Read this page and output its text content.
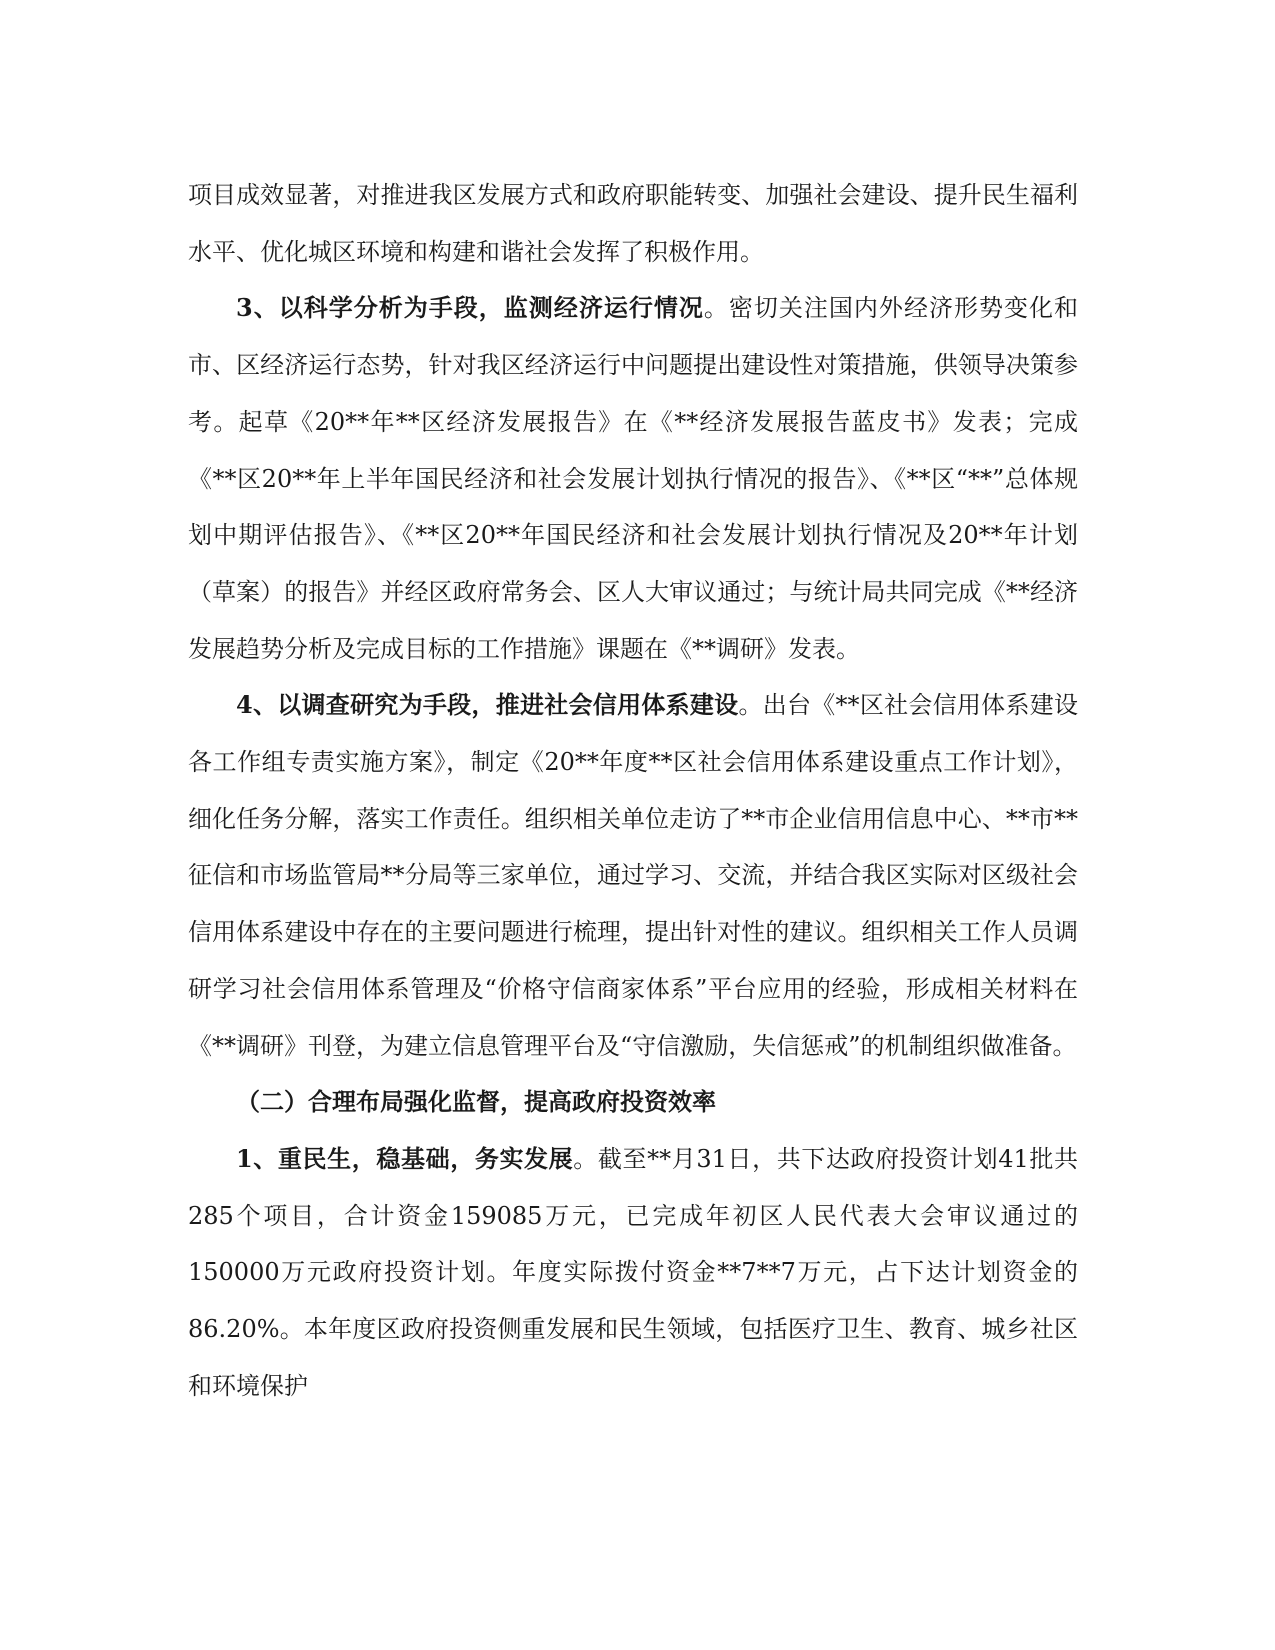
项目成效显著，对推进我区发展方式和政府职能转变、加强社会建设、提升民生福利水平、优化城区环境和构建和谐社会发挥了积极作用。

3、以科学分析为手段，监测经济运行情况。密切关注国内外经济形势变化和市、区经济运行态势，针对我区经济运行中问题提出建设性对策措施，供领导决策参考。起草《20**年**区经济发展报告》在《**经济发展报告蓝皮书》发表；完成《**区20**年上半年国民经济和社会发展计划执行情况的报告》、《**区“**”总体规划中期评估报告》、《**区20**年国民经济和社会发展计划执行情况及20**年计划（草案）的报告》并经区政府常务会、区人大审议通过；与统计局共同完成《**经济发展趋势分析及完成目标的工作措施》课题在《**调研》发表。

4、以调查研究为手段，推进社会信用体系建设。出台《**区社会信用体系建设各工作组专责实施方案》，制定《20**年度**区社会信用体系建设重点工作计划》，细化任务分解，落实工作责任。组织相关单位走访了**市企业信用信息中心、**市**征信和市场监管局**分局等三家单位，通过学习、交流，并结合我区实际对区级社会信用体系建设中存在的主要问题进行梳理，提出针对性的建议。组织相关工作人员调研学习社会信用体系管理及“价格守信商家体系”平台应用的经验，形成相关材料在《**调研》刊登，为建立信息管理平台及“守信激励，失信惩戒”的机制组织做准备。

（二）合理布局强化监督，提高政府投资效率

1、重民生，稳基础，务实发展。截至**月31日，共下达政府投资计划41批共285个项目，合计资金159085万元，已完成年初区人民代表大会审议通过的150000万元政府投资计划。年度实际拨付资金**7**7万元，占下达计划资金的86.20%。本年度区政府投资侧重发展和民生领域，包括医疗卫生、教育、城乡社区和环境保护
